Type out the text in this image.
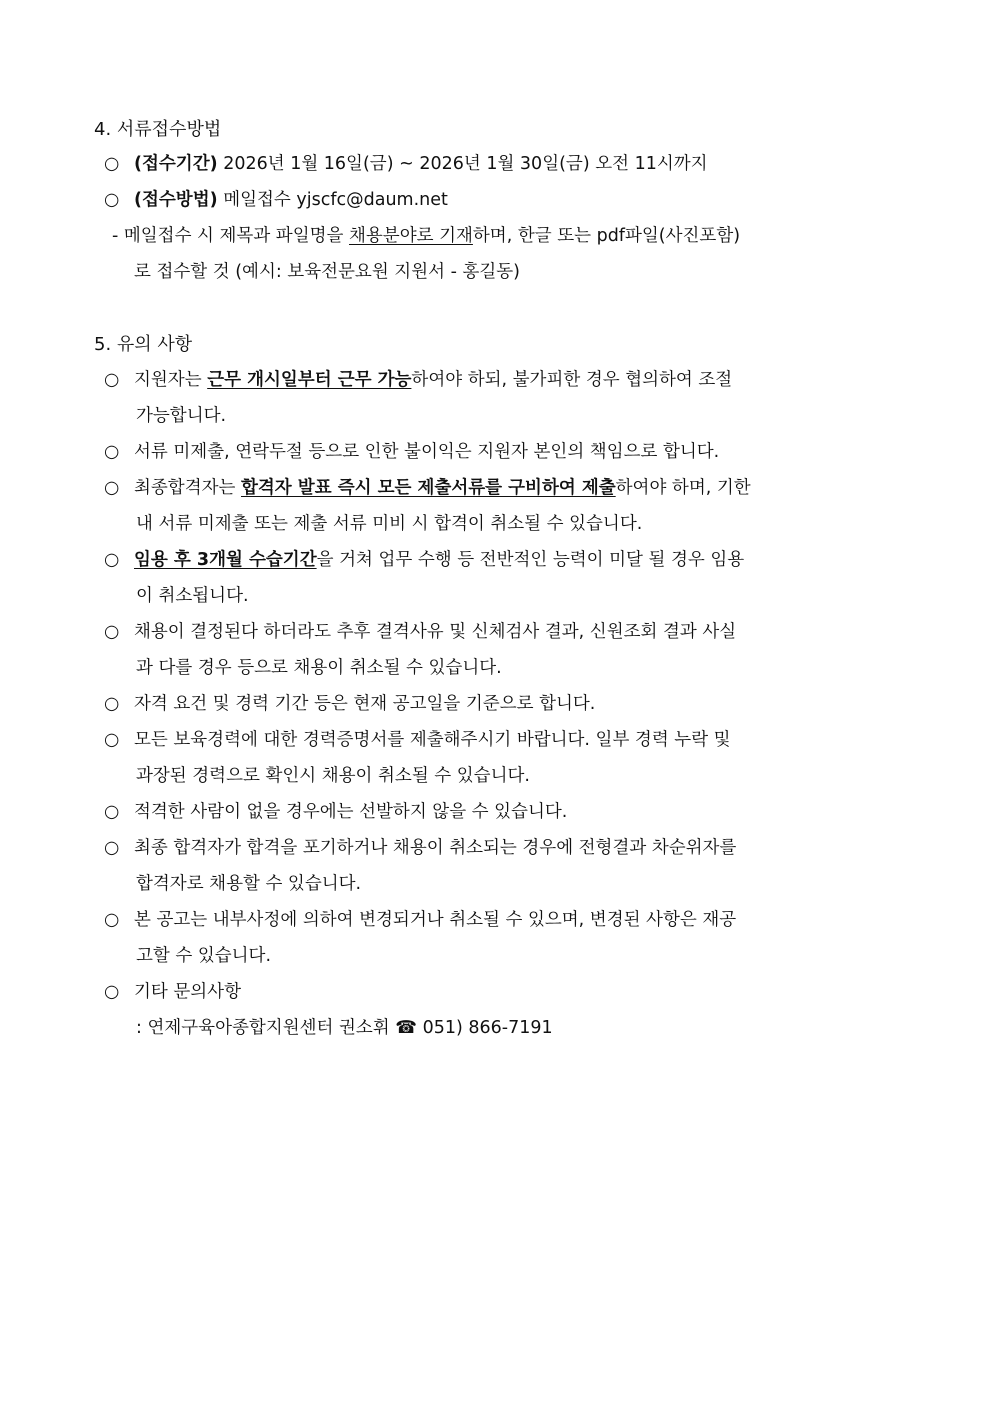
4. 서류접수방법
○ (접수기간) 2026년 1월 16일(금) ~ 2026년 1월 30일(금) 오전 11시까지
○ (접수방법) 메일접수 yjscfc@daum.net
- 메일접수 시 제목과 파일명을 채용분야로 기재하며, 한글 또는 pdf파일(사진포함)
로 접수할 것 (예시: 보육전문요원 지원서 - 홍길동)
5. 유의 사항
○ 지원자는 근무 개시일부터 근무 가능하여야 하되, 불가피한 경우 협의하여 조절
가능합니다.
○ 서류 미제출, 연락두절 등으로 인한 불이익은 지원자 본인의 책임으로 합니다.
○ 최종합격자는 합격자 발표 즉시 모든 제출서류를 구비하여 제출하여야 하며, 기한
내 서류 미제출 또는 제출 서류 미비 시 합격이 취소될 수 있습니다.
○ 임용 후 3개월 수습기간을 거쳐 업무 수행 등 전반적인 능력이 미달 될 경우 임용
이 취소됩니다.
○ 채용이 결정된다 하더라도 추후 결격사유 및 신체검사 결과, 신원조회 결과 사실
과 다를 경우 등으로 채용이 취소될 수 있습니다.
○ 자격 요건 및 경력 기간 등은 현재 공고일을 기준으로 합니다.
○ 모든 보육경력에 대한 경력증명서를 제출해주시기 바랍니다. 일부 경력 누락 및
과장된 경력으로 확인시 채용이 취소될 수 있습니다.
○ 적격한 사람이 없을 경우에는 선발하지 않을 수 있습니다.
○ 최종 합격자가 합격을 포기하거나 채용이 취소되는 경우에 전형결과 차순위자를
합격자로 채용할 수 있습니다.
○ 본 공고는 내부사정에 의하여 변경되거나 취소될 수 있으며, 변경된 사항은 재공
고할 수 있습니다.
○ 기타 문의사항
: 연제구육아종합지원센터 권소휘 ☎ 051) 866-7191
